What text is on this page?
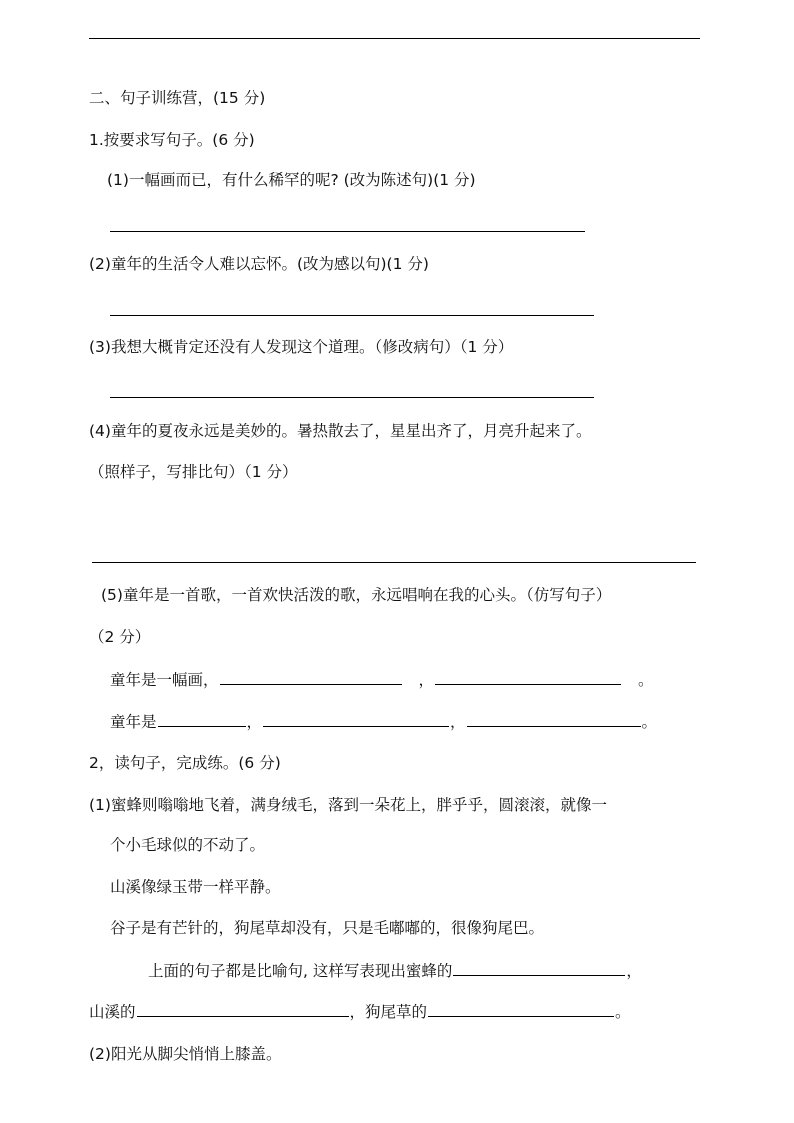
二、句子训练营，(15 分)
1.按要求写句子。(6 分)
(1)一幅画而已，有什么稀罕的呢? (改为陈述句)(1 分)
(2)童年的生活令人难以忘怀。(改为感以句)(1 分)
(3)我想大概肯定还没有人发现这个道理。（修改病句）（1 分）
(4)童年的夏夜永远是美妙的。暑热散去了，星星出齐了，月亮升起来了。
（照样子，写排比句）（1 分）
(5)童年是一首歌，一首欢快活泼的歌，永远唱响在我的心头。（仿写句子）
（2 分）
童年是一幅画，	，	。
童年是	，	，	。
2，读句子，完成练。(6 分)
(1)蜜蜂则嗡嗡地飞着，满身绒毛，落到一朵花上，胖乎乎，圆滚滚，就像一
个小毛球似的不动了。
山溪像绿玉带一样平静。
谷子是有芒针的，狗尾草却没有，只是毛嘟嘟的，很像狗尾巴。
上面的句子都是比喻句, 这样写表现出蜜蜂的	，
山溪的	，狗尾草的	。
(2)阳光从脚尖悄悄上膝盖。
